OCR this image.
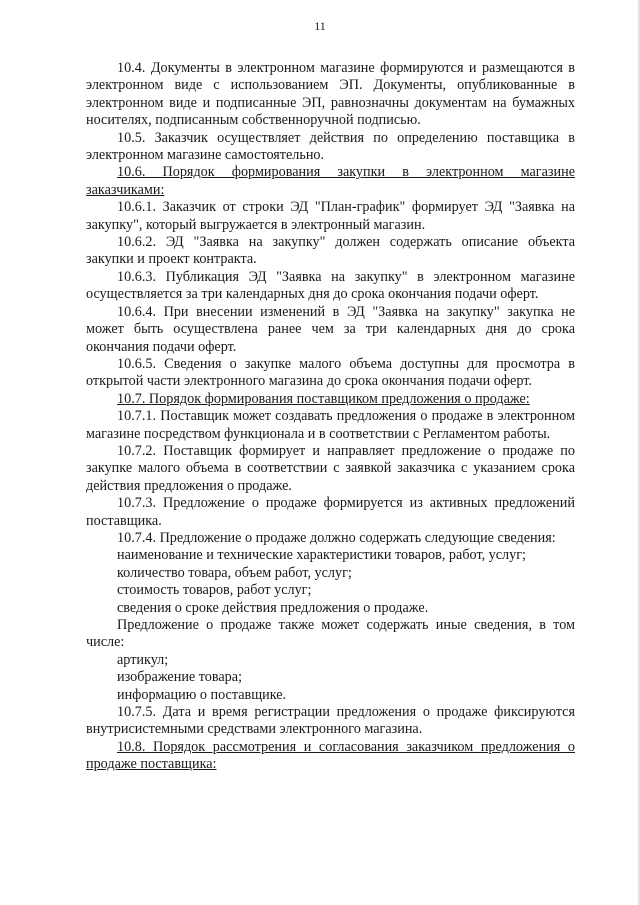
11

10.4. Документы в электронном магазине формируются и размещаются в электронном виде с использованием ЭП. Документы, опубликованные в электронном виде и подписанные ЭП, равнозначны документам на бумажных носителях, подписанным собственноручной подписью.

10.5. Заказчик осуществляет действия по определению поставщика в электронном магазине самостоятельно.

10.6. Порядок формирования закупки в электронном магазине заказчиками:

10.6.1. Заказчик от строки ЭД "План-график" формирует ЭД "Заявка на закупку", который выгружается в электронный магазин.

10.6.2. ЭД "Заявка на закупку" должен содержать описание объекта закупки и проект контракта.

10.6.3. Публикация ЭД "Заявка на закупку" в электронном магазине осуществляется за три календарных дня до срока окончания подачи оферт.

10.6.4. При внесении изменений в ЭД "Заявка на закупку" закупка не может быть осуществлена ранее чем за три календарных дня до срока окончания подачи оферт.

10.6.5. Сведения о закупке малого объема доступны для просмотра в открытой части электронного магазина до срока окончания подачи оферт.

10.7. Порядок формирования поставщиком предложения о продаже:

10.7.1. Поставщик может создавать предложения о продаже в электронном магазине посредством функционала и в соответствии с Регламентом работы.

10.7.2. Поставщик формирует и направляет предложение о продаже по закупке малого объема в соответствии с заявкой заказчика с указанием срока действия предложения о продаже.

10.7.3. Предложение о продаже формируется из активных предложений поставщика.

10.7.4. Предложение о продаже должно содержать следующие сведения:

наименование и технические характеристики товаров, работ, услуг;

количество товара, объем работ, услуг;

стоимость товаров, работ услуг;

сведения о сроке действия предложения о продаже.

Предложение о продаже также может содержать иные сведения, в том числе:

артикул;

изображение товара;

информацию о поставщике.

10.7.5. Дата и время регистрации предложения о продаже фиксируются внутрисистемными средствами электронного магазина.

10.8. Порядок рассмотрения и согласования заказчиком предложения о продаже поставщика:
